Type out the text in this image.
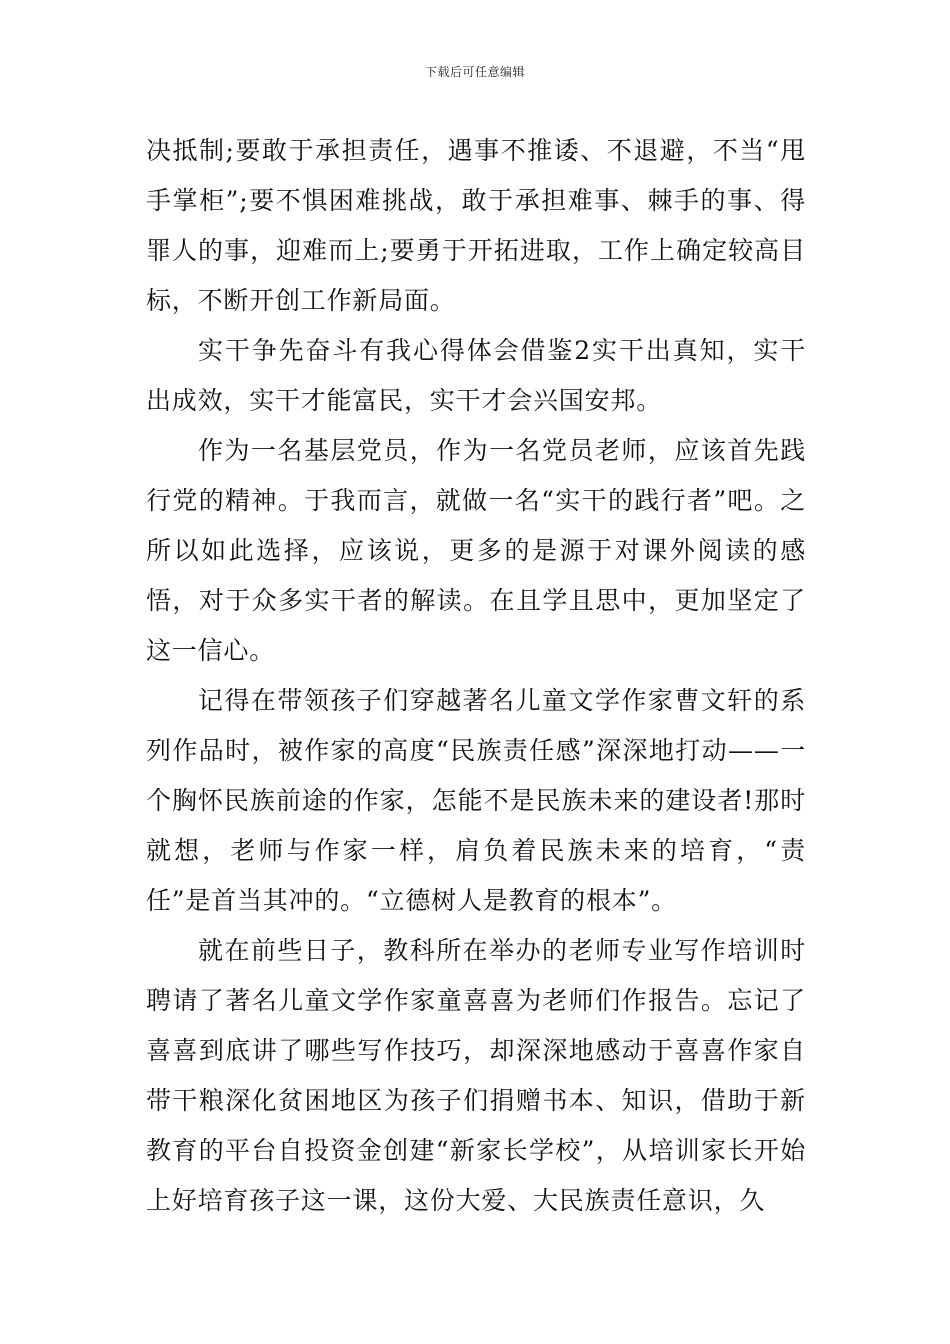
下载后可任意编辑

决抵制;要敢于承担责任，遇事不推诿、不退避，不当“甩手掌柜”;要不惧困难挑战，敢于承担难事、棘手的事、得罪人的事，迎难而上;要勇于开拓进取，工作上确定较高目标，不断开创工作新局面。

实干争先奋斗有我心得体会借鉴2实干出真知，实干出成效，实干才能富民，实干才会兴国安邦。

作为一名基层党员，作为一名党员老师，应该首先践行党的精神。于我而言，就做一名“实干的践行者”吧。之所以如此选择，应该说，更多的是源于对课外阅读的感悟，对于众多实干者的解读。在且学且思中，更加坚定了这一信心。

记得在带领孩子们穿越著名儿童文学作家曹文轩的系列作品时，被作家的高度“民族责任感”深深地打动——一个胸怀民族前途的作家，怎能不是民族未来的建设者!那时就想，老师与作家一样，肩负着民族未来的培育，“责任”是首当其冲的。“立德树人是教育的根本”。

就在前些日子，教科所在举办的老师专业写作培训时聘请了著名儿童文学作家童喜喜为老师们作报告。忘记了喜喜到底讲了哪些写作技巧，却深深地感动于喜喜作家自带干粮深化贫困地区为孩子们捐赠书本、知识，借助于新教育的平台自投资金创建“新家长学校”，从培训家长开始上好培育孩子这一课，这份大爱、大民族责任意识，久
